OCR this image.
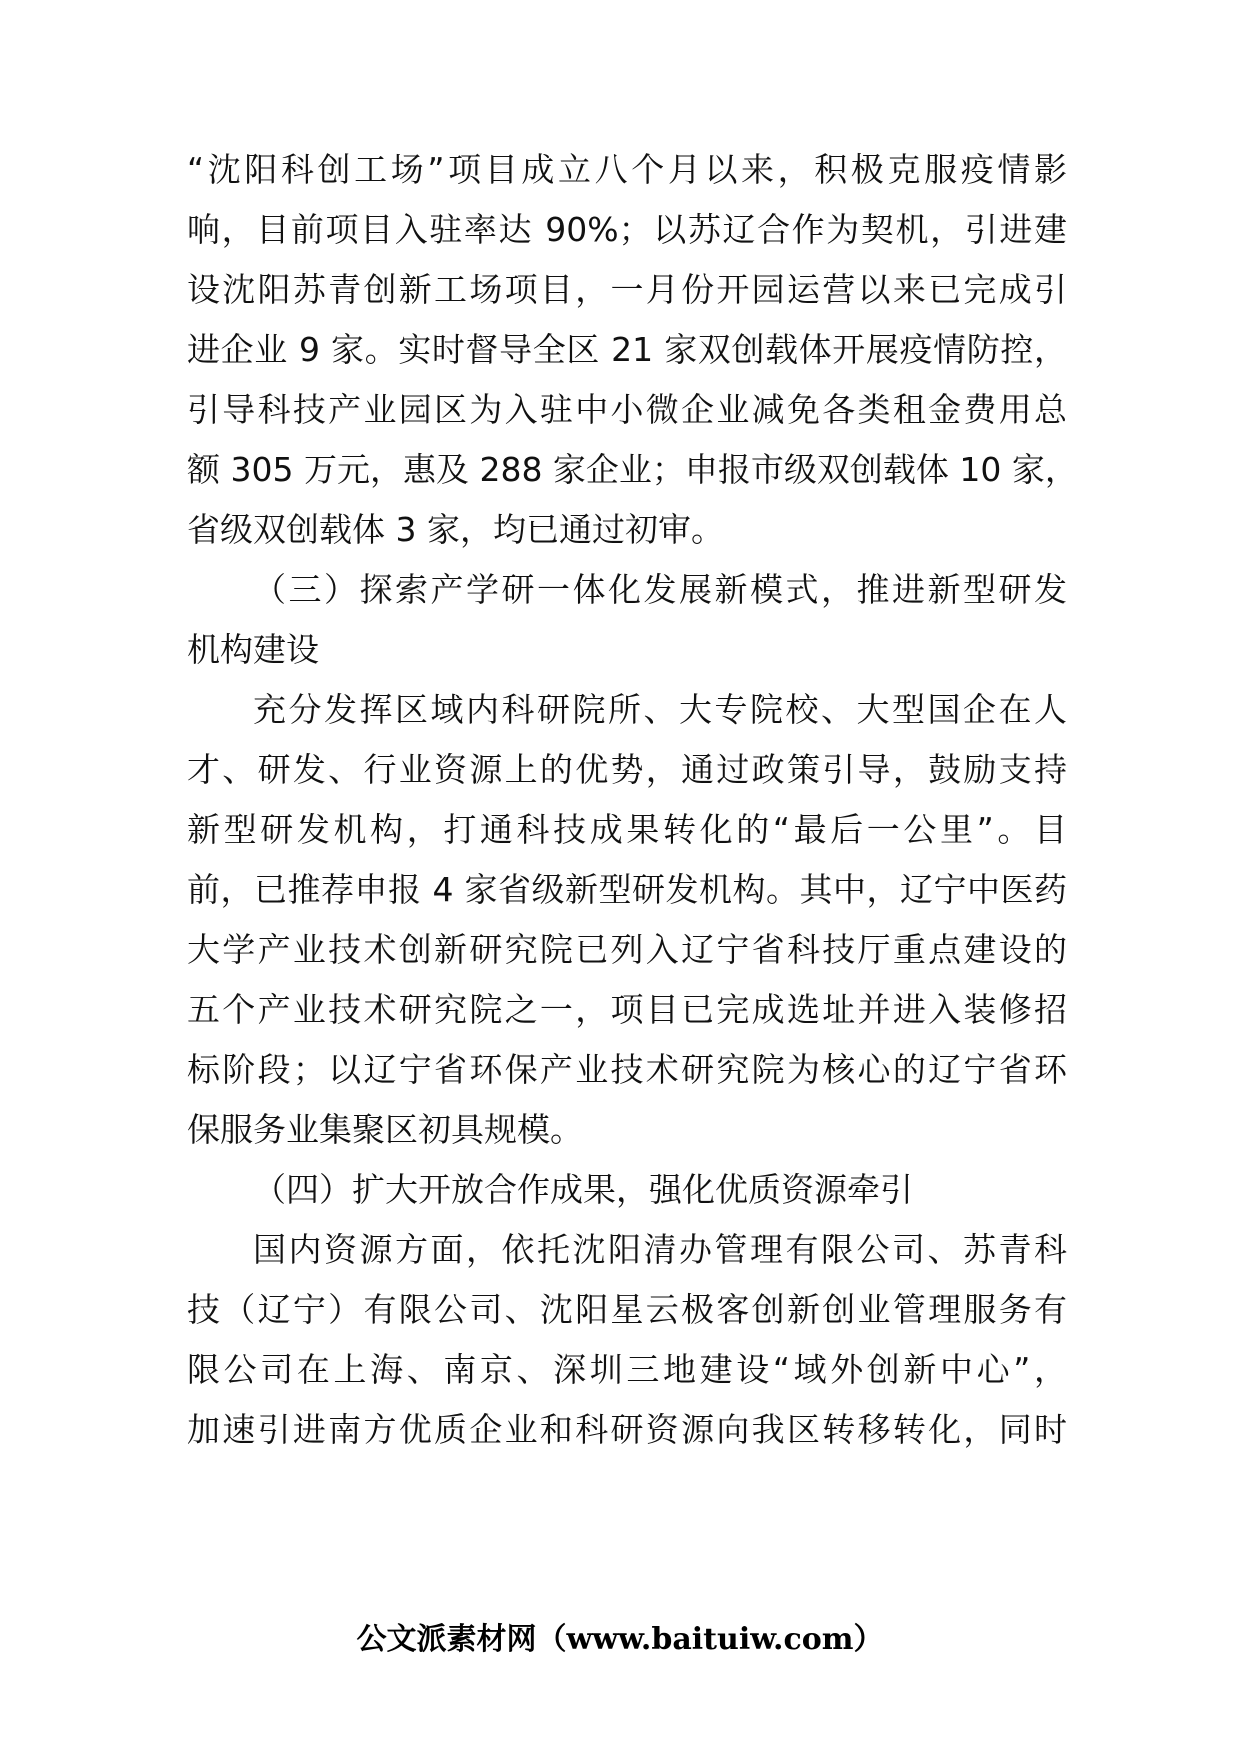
“沈阳科创工场”项目成立八个月以来，积极克服疫情影
响，目前项目入驻率达 90%；以苏辽合作为契机，引进建
设沈阳苏青创新工场项目，一月份开园运营以来已完成引
进企业 9 家。实时督导全区 21 家双创载体开展疫情防控，
引导科技产业园区为入驻中小微企业减免各类租金费用总
额 305 万元，惠及 288 家企业；申报市级双创载体 10 家，
省级双创载体 3 家，均已通过初审。
（三）探索产学研一体化发展新模式，推进新型研发
机构建设
充分发挥区域内科研院所、大专院校、大型国企在人
才、研发、行业资源上的优势，通过政策引导，鼓励支持
新型研发机构，打通科技成果转化的“最后一公里”。目
前，已推荐申报 4 家省级新型研发机构。其中，辽宁中医药
大学产业技术创新研究院已列入辽宁省科技厅重点建设的
五个产业技术研究院之一，项目已完成选址并进入装修招
标阶段；以辽宁省环保产业技术研究院为核心的辽宁省环
保服务业集聚区初具规模。
（四）扩大开放合作成果，强化优质资源牵引
国内资源方面，依托沈阳清办管理有限公司、苏青科
技（辽宁）有限公司、沈阳星云极客创新创业管理服务有
限公司在上海、南京、深圳三地建设“域外创新中心”，
加速引进南方优质企业和科研资源向我区转移转化，同时
公文派素材网（www.baituiw.com）
